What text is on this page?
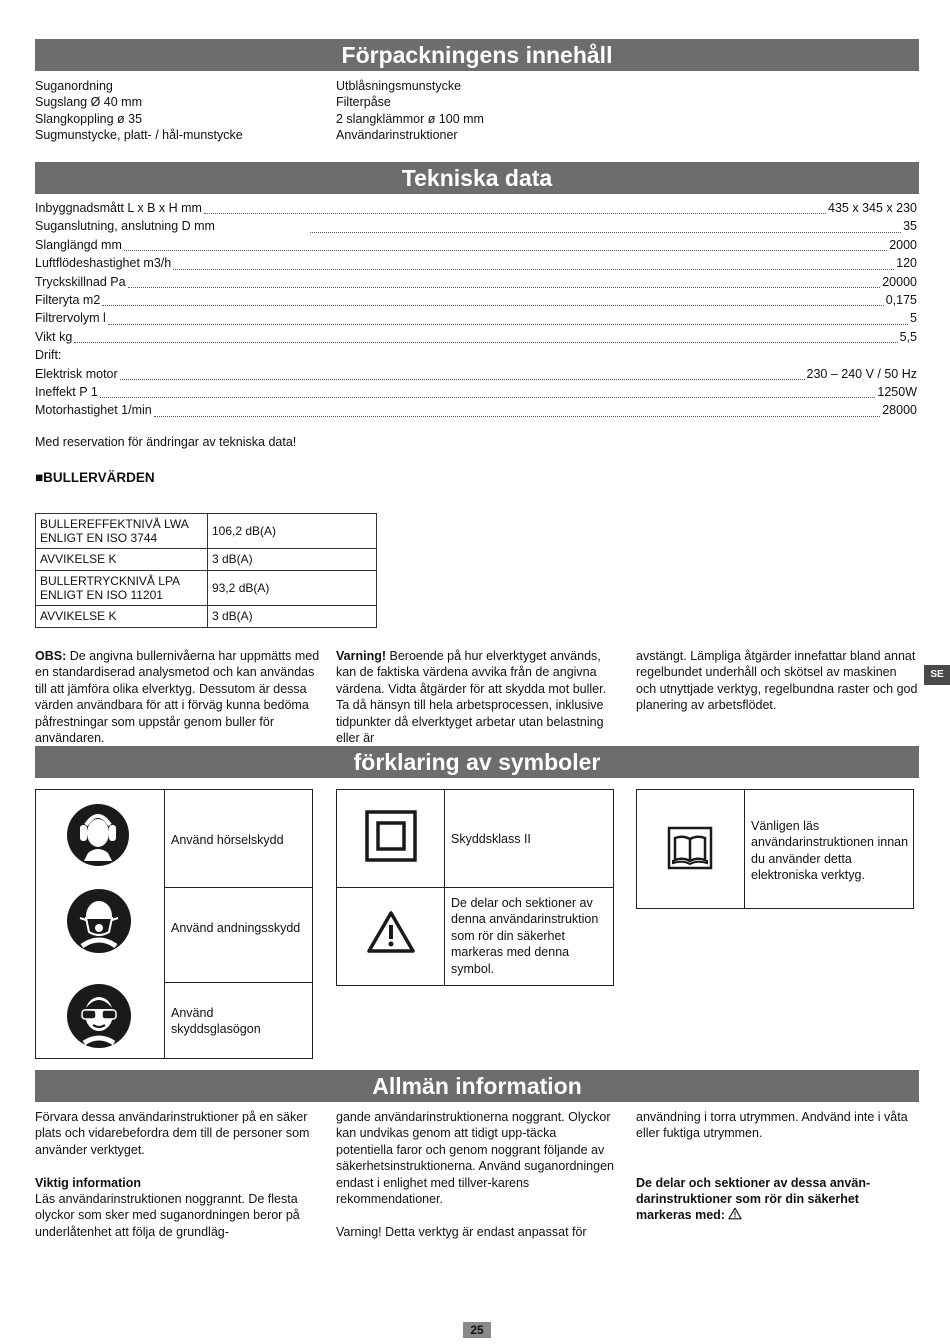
Förpackningens innehåll
Suganordning
Sugslang Ø 40 mm
Slangkoppling ø 35
Sugmunstycke, platt- / hål-munstycke
Utblåsningsmunstycke
Filterpåse
2 slangklämmor ø 100 mm
Användarinstruktioner
Tekniska data
Inbyggnadsmått L x B x H mm	435 x 345 x 230
Suganslutning, anslutning D mm	35
Slanglängd mm	2000
Luftflödeshastighet m3/h	120
Tryckskillnad Pa	20000
Filteryta m2	0,175
Filtrervolym l	5
Vikt kg	5,5
Drift:
Elektrisk motor	230 – 240 V / 50 Hz
Ineffekt P 1	1250W
Motorhastighet 1/min	28000
Med reservation för ändringar av tekniska data!
■BULLERVÄRDEN
BULLEREFFEKTNIVÅ LWA ENLIGT EN ISO 3744	106,2 dB(A)
AVVIKELSE K	3 dB(A)
BULLERTRYCKNIVÅ LPA ENLIGT EN ISO 11201	93,2 dB(A)
AVVIKELSE K	3 dB(A)
OBS: De angivna bullernivåerna har uppmätts med en standardiserad analysmetod och kan användas till att jämföra olika elverktyg. Dessutom är dessa värden användbara för att i förväg kunna bedöma påfrestningar som uppstår genom buller för användaren.
Varning! Beroende på hur elverktyget används, kan de faktiska värdena avvika från de angivna värdena. Vidta åtgärder för att skydda mot buller. Ta då hänsyn till hela arbetsprocessen, inklusive tidpunkter då elverktyget arbetar utan belastning eller är
avstängt. Lämpliga åtgärder innefattar bland annat regelbundet underhåll och skötsel av maskinen och utnyttjade verktyg, regelbundna raster och god planering av arbetsflödet.
SE
förklaring av symboler
Använd hörselskydd
Använd andningsskydd
Använd skyddsglasögon
Skyddsklass II
De delar och sektioner av denna användarinstruktion som rör din säkerhet markeras med denna symbol.
Vänligen läs användarinstruktionen innan du använder detta elektroniska verktyg.
Allmän information
Förvara dessa användarinstruktioner på en säker plats och vidarebefordra dem till de personer som använder verktyget.
Viktig information
Läs användarinstruktionen noggrannt. De flesta olyckor som sker med suganordningen beror på underlåtenhet att följa de grundläg-
gande användarinstruktionerna noggrant. Olyckor kan undvikas genom att tidigt upp-täcka potentiella faror och genom noggrant följande av säkerhetsinstruktionerna. Använd suganordningen endast i enlighet med tillver-karens rekommendationer.
Varning! Detta verktyg är endast anpassat för
användning i torra utrymmen. Andvänd inte i våta eller fuktiga utrymmen.
De delar och sektioner av dessa använ-darinstruktioner som rör din säkerhet markeras med:
25
